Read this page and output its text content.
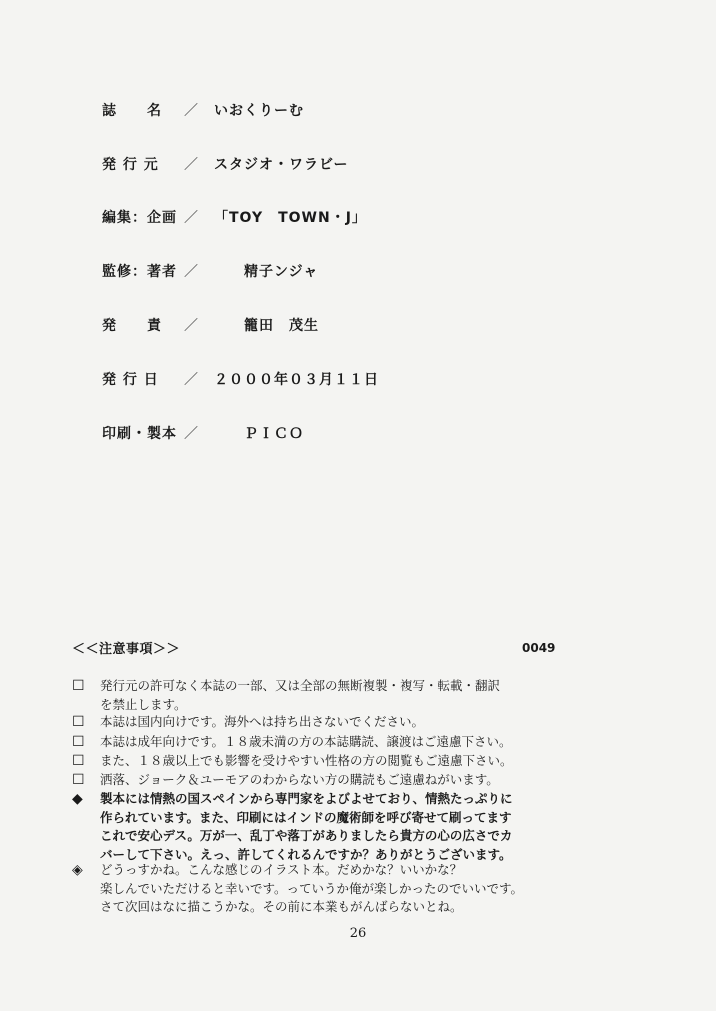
誌　　名	／	いおくりーむ
発 行 元	／	スタジオ・ワラビー
編集：企画 ／	「TOY　TOWN・J」
監修：著者 ／	　　精子ンジャ
発　　責	／	　　籠田　茂生
発 行 日	／	２０００年０３月１１日
印刷・製本 ／	　　ＰＩＣＯ
＜＜注意事項＞＞	0049
☐	発行元の許可なく本誌の一部、又は全部の無断複製・複写・転載・翻訳
を禁止します。
☐	本誌は国内向けです。海外へは持ち出さないでください。
☐	本誌は成年向けです。１８歳未満の方の本誌購読、譲渡はご遠慮下さい。
☐	また、１８歳以上でも影響を受けやすい性格の方の閲覧もご遠慮下さい。
☐	洒落、ジョーク＆ユーモアのわからない方の購読もご遠慮ねがいます。
◆	製本には情熱の国スペインから専門家をよびよせており、情熱たっぷりに
作られています。また、印刷にはインドの魔術師を呼び寄せて刷ってます
これで安心デス。万が一、乱丁や落丁がありましたら貴方の心の広さでカ
バーして下さい。えっ、許してくれるんですか？ありがとうございます。
◈	どうっすかね。こんな感じのイラスト本。だめかな？いいかな？
楽しんでいただけると幸いです。っていうか俺が楽しかったのでいいです。
さて次回はなに描こうかな。その前に本業もがんばらないとね。
26
